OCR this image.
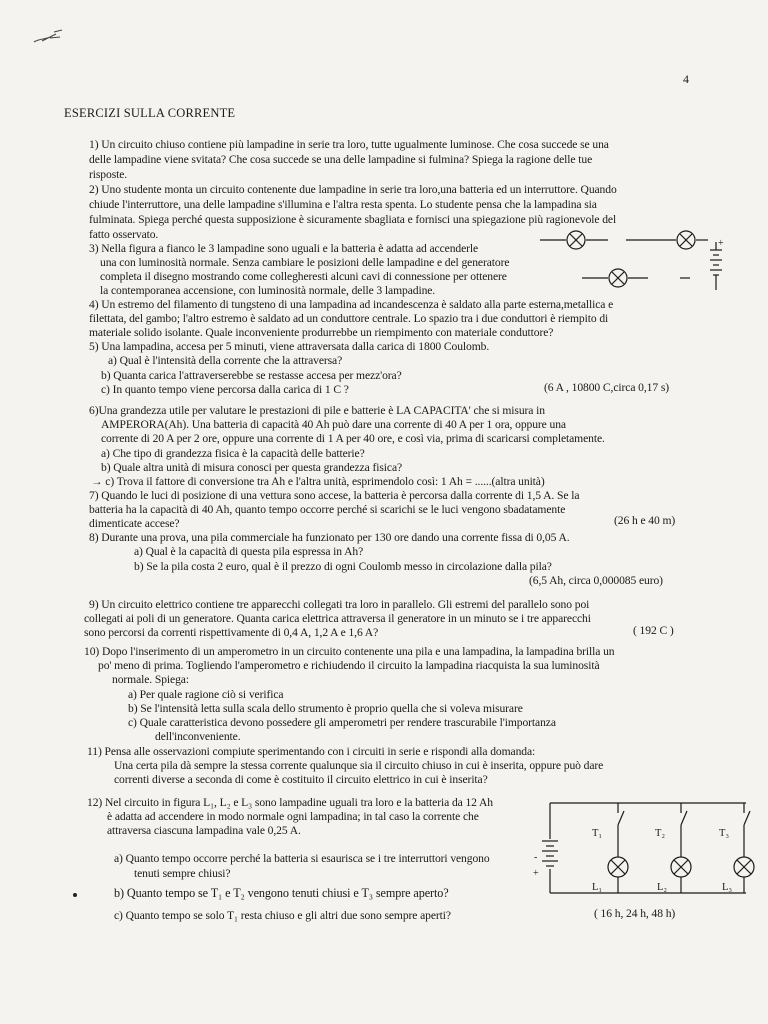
4
ESERCIZI SULLA CORRENTE
1) Un circuito chiuso contiene più lampadine in serie tra loro, tutte ugualmente luminose. Che cosa succede se una
delle lampadine viene svitata? Che cosa succede se una delle lampadine si fulmina? Spiega la ragione delle tue
risposte.
2) Uno studente monta un circuito contenente due lampadine in serie tra loro,una batteria ed un interruttore. Quando
chiude l'interruttore, una delle lampadine s'illumina e l'altra resta spenta. Lo studente pensa che la lampadina sia
fulminata. Spiega perché questa supposizione è sicuramente sbagliata e fornisci una spiegazione più ragionevole del
fatto osservato.
3) Nella figura a fianco le 3 lampadine sono uguali e la batteria è adatta ad accenderle
una con luminosità normale. Senza cambiare le posizioni delle lampadine e del generatore
completa il disegno mostrando come collegheresti alcuni cavi di connessione per ottenere
la contemporanea accensione, con luminosità normale, delle 3 lampadine.
+
4) Un estremo del filamento di tungsteno di una lampadina ad incandescenza è saldato alla parte esterna,metallica e
filettata, del gambo; l'altro estremo è saldato ad un conduttore centrale. Lo spazio tra i due conduttori è riempito di
materiale solido isolante. Quale inconveniente produrrebbe un riempimento con materiale conduttore?
5) Una lampadina, accesa per 5 minuti, viene attraversata dalla carica di 1800 Coulomb.
a) Qual è l'intensità della corrente che la attraversa?
b) Quanta carica l'attraverserebbe se restasse accesa per mezz'ora?
c) In quanto tempo viene percorsa dalla carica di 1 C ?	(6 A , 10800 C,circa 0,17 s)
6)Una grandezza utile per valutare le prestazioni di pile e batterie è LA CAPACITA' che si misura in
AMPERORA(Ah). Una batteria di capacità 40 Ah può dare una corrente di 40 A per 1 ora, oppure una
corrente di 20 A per 2 ore, oppure una corrente di 1 A per 40 ore, e così via, prima di scaricarsi completamente.
a) Che tipo di grandezza fisica è la capacità delle batterie?
b) Quale altra unità di misura conosci per questa grandezza fisica?
→ c) Trova il fattore di conversione tra Ah e l'altra unità, esprimendolo così: 1 Ah = ......(altra unità)
7) Quando le luci di posizione di una vettura sono accese, la batteria è percorsa dalla corrente di 1,5 A. Se la
batteria ha la capacità di 40 Ah, quanto tempo occorre perché si scarichi se le luci vengono sbadatamente
dimenticate accese?	(26 h e 40 m)
8) Durante una prova, una pila commerciale ha funzionato per 130 ore dando una corrente fissa di 0,05 A.
a) Qual è la capacità di questa pila espressa in Ah?
b) Se la pila costa 2 euro, qual è il prezzo di ogni Coulomb messo in circolazione dalla pila?
(6,5 Ah, circa 0,000085 euro)
9) Un circuito elettrico contiene tre apparecchi collegati tra loro in parallelo. Gli estremi del parallelo sono poi
collegati ai poli di un generatore. Quanta carica elettrica attraversa il generatore in un minuto se i tre apparecchi
sono percorsi da correnti rispettivamente di 0,4 A, 1,2 A e 1,6 A?	( 192 C )
10) Dopo l'inserimento di un amperometro in un circuito contenente una pila e una lampadina, la lampadina brilla un
po' meno di prima. Togliendo l'amperometro e richiudendo il circuito la lampadina riacquista la sua luminosità
normale. Spiega:
a) Per quale ragione ciò si verifica
b) Se l'intensità letta sulla scala dello strumento è proprio quella che si voleva misurare
c) Quale caratteristica devono possedere gli amperometri per rendere trascurabile l'importanza
dell'inconveniente.
11) Pensa alle osservazioni compiute sperimentando con i circuiti in serie e rispondi alla domanda:
Una certa pila dà sempre la stessa corrente qualunque sia il circuito chiuso in cui è inserita, oppure può dare
correnti diverse a seconda di come è costituito il circuito elettrico in cui è inserita?
12) Nel circuito in figura L₁, L₂ e L₃ sono lampadine uguali tra loro e la batteria da 12 Ah
è adatta ad accendere in modo normale ogni lampadina; in tal caso la corrente che
attraversa ciascuna lampadina vale 0,25 A.
a) Quanto tempo occorre perché la batteria si esaurisca se i tre interruttori vengono
tenuti sempre chiusi?
b) Quanto tempo se T₁ e T₂ vengono tenuti chiusi e T₃ sempre aperto?
c) Quanto tempo se solo T₁ resta chiuso e gli altri due sono sempre aperti?	( 16 h, 24 h, 48 h)
T₁	T₂	T₃
L₁	L₂	L₃
-
+
